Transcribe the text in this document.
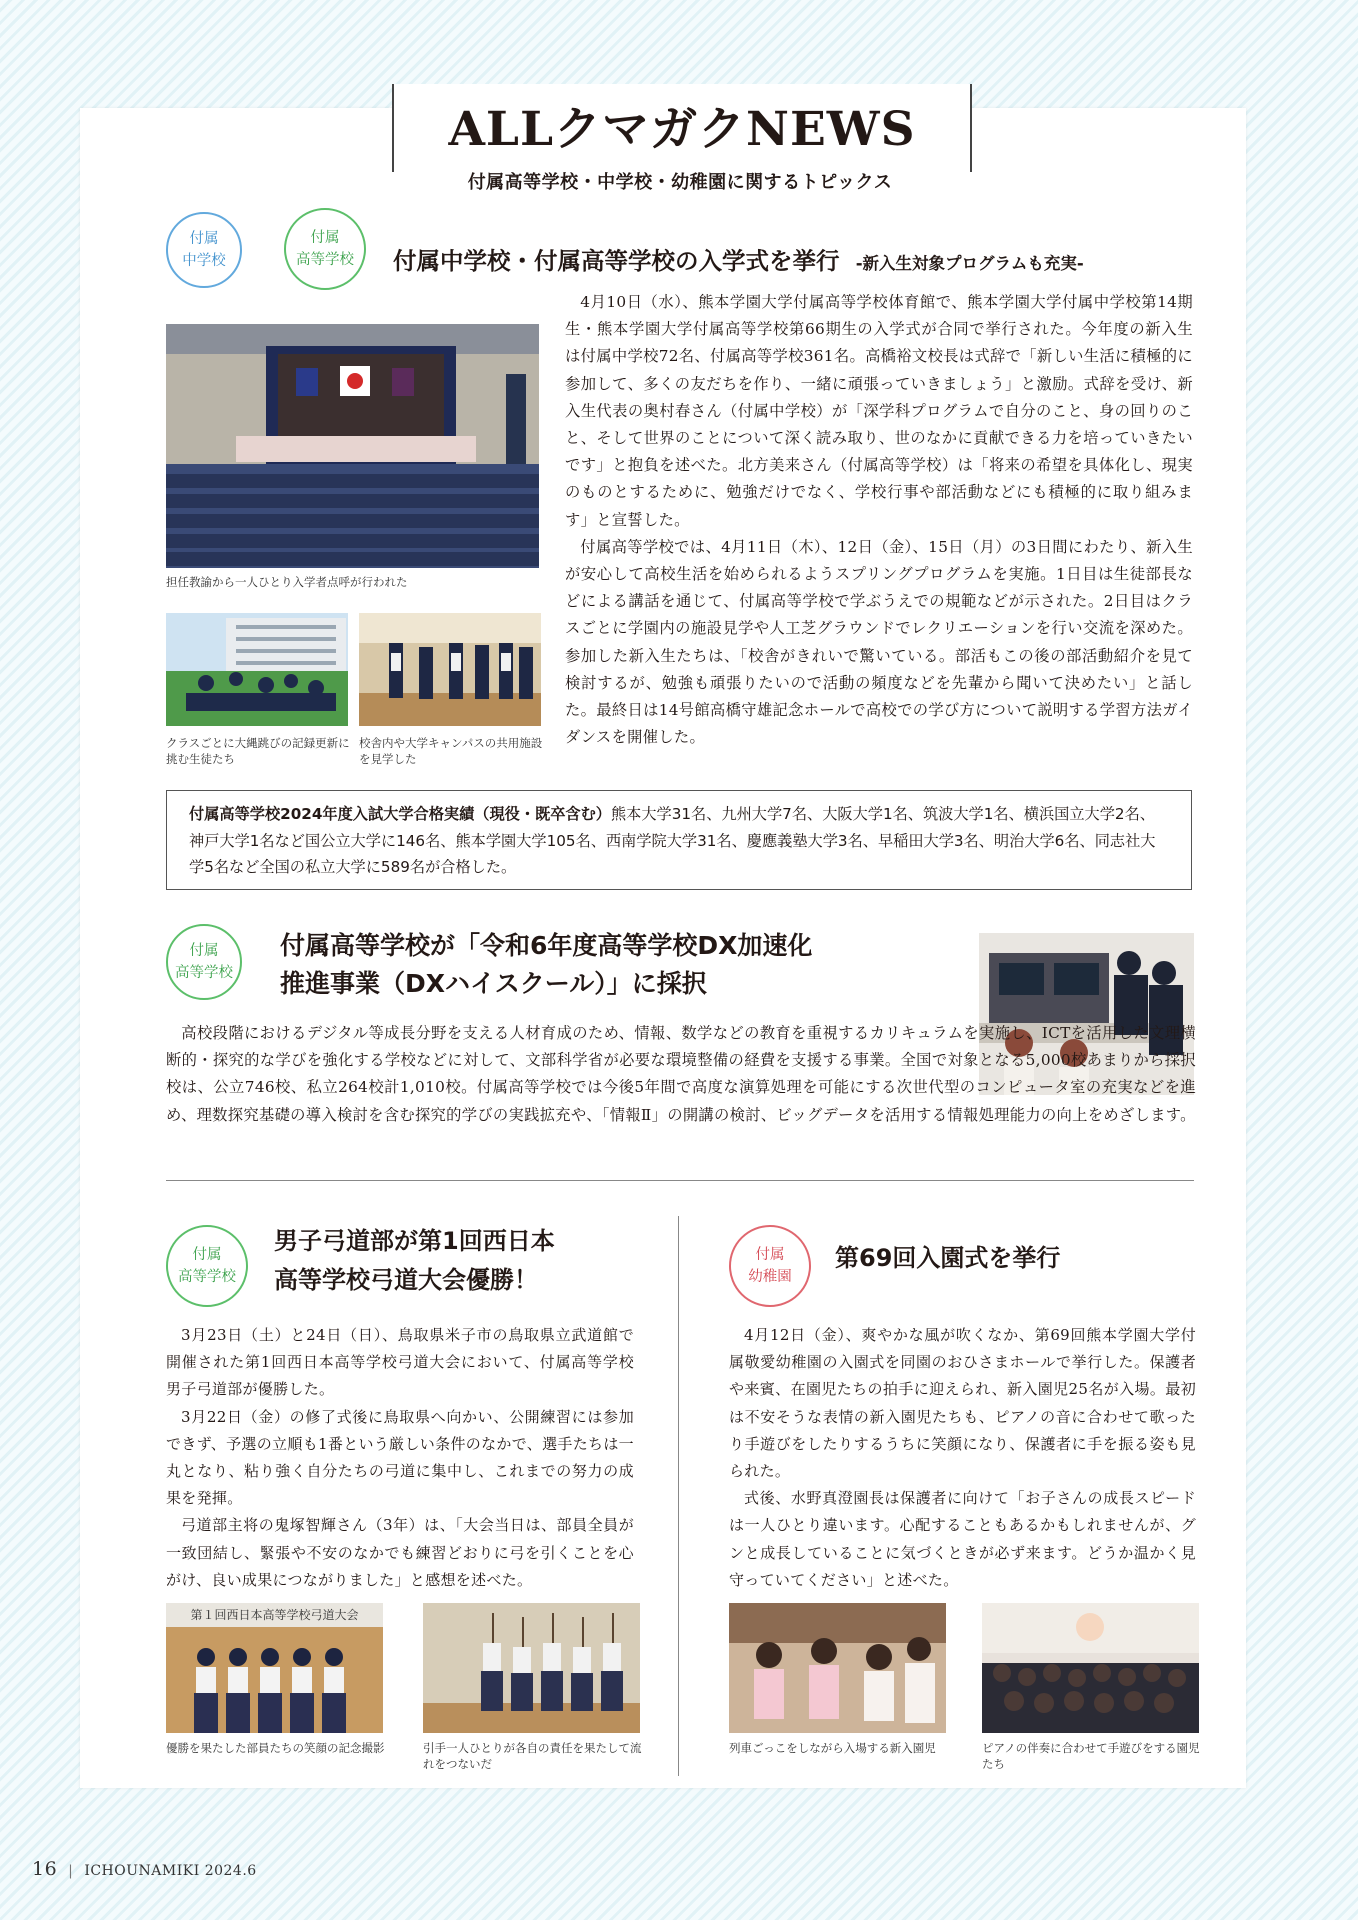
ALLクマガクNEWS
付属高等学校・中学校・幼稚園に関するトピックス
付属
中学校
付属
高等学校 付属中学校・付属高等学校の入学式を挙行 -新入生対象プログラムも充実-
担任教諭から一人ひとり入学者点呼が行われた
クラスごとに大縄跳びの記録更新に挑む生徒たち
校舎内や大学キャンパスの共用施設を見学した

4月10日（水）、熊本学園大学付属高等学校体育館で、熊本学園大学付属中学校第14期生・熊本学園大学付属高等学校第66期生の入学式が合同で挙行された。今年度の新入生は付属中学校72名、付属高等学校361名。高橋裕文校長は式辞で「新しい生活に積極的に参加して、多くの友だちを作り、一緒に頑張っていきましょう」と激励。式辞を受け、新入生代表の奥村春さん（付属中学校）が「深学科プログラムで自分のこと、身の回りのこと、そして世界のことについて深く読み取り、世のなかに貢献できる力を培っていきたいです」と抱負を述べた。北方美来さん（付属高等学校）は「将来の希望を具体化し、現実のものとするために、勉強だけでなく、学校行事や部活動などにも積極的に取り組みます」と宣誓した。

付属高等学校では、4月11日（木）、12日（金）、15日（月）の3日間にわたり、新入生が安心して高校生活を始められるようスプリングプログラムを実施。1日目は生徒部長などによる講話を通じて、付属高等学校で学ぶうえでの規範などが示された。2日目はクラスごとに学園内の施設見学や人工芝グラウンドでレクリエーションを行い交流を深めた。参加した新入生たちは、「校舎がきれいで驚いている。部活もこの後の部活動紹介を見て検討するが、勉強も頑張りたいので活動の頻度などを先輩から聞いて決めたい」と話した。最終日は14号館高橋守雄記念ホールで高校での学び方について説明する学習方法ガイダンスを開催した。

付属高等学校2024年度入試大学合格実績（現役・既卒含む）熊本大学31名、九州大学7名、大阪大学1名、筑波大学1名、横浜国立大学2名、神戸大学1名など国公立大学に146名、熊本学園大学105名、西南学院大学31名、慶應義塾大学3名、早稲田大学3名、明治大学6名、同志社大学5名など全国の私立大学に589名が合格した。
付属
高等学校
付属高等学校が「令和6年度高等学校DX加速化
推進事業（DXハイスクール）」に採択

高校段階におけるデジタル等成長分野を支える人材育成のため、情報、数学などの教育を重視するカリキュラムを実施し、ICTを活用した文理横断的・探究的な学びを強化する学校などに対して、文部科学省が必要な環境整備の経費を支援する事業。全国で対象となる5,000校あまりから採択校は、公立746校、私立264校計1,010校。付属高等学校では今後5年間で高度な演算処理を可能にする次世代型のコンピュータ室の充実などを進め、理数探究基礎の導入検討を含む探究的学びの実践拡充や、「情報Ⅱ」の開講の検討、ビッグデータを活用する情報処理能力の向上をめざします。

付属
高等学校
男子弓道部が第1回西日本
高等学校弓道大会優勝！

3月23日（土）と24日（日）、鳥取県米子市の鳥取県立武道館で開催された第1回西日本高等学校弓道大会において、付属高等学校男子弓道部が優勝した。

3月22日（金）の修了式後に鳥取県へ向かい、公開練習には参加できず、予選の立順も1番という厳しい条件のなかで、選手たちは一丸となり、粘り強く自分たちの弓道に集中し、これまでの努力の成果を発揮。

弓道部主将の鬼塚智輝さん（3年）は、「大会当日は、部員全員が一致団結し、緊張や不安のなかでも練習どおりに弓を引くことを心がけ、良い成果につながりました」と感想を述べた。

第１回西日本高等学校弓道大会
優勝を果たした部員たちの笑顔の記念撮影	引手一人ひとりが各自の責任を果たして流れをつないだ
付属
幼稚園
第69回入園式を挙行

4月12日（金）、爽やかな風が吹くなか、第69回熊本学園大学付属敬愛幼稚園の入園式を同園のおひさまホールで挙行した。保護者や来賓、在園児たちの拍手に迎えられ、新入園児25名が入場。最初は不安そうな表情の新入園児たちも、ピアノの音に合わせて歌ったり手遊びをしたりするうちに笑顔になり、保護者に手を振る姿も見られた。

式後、水野真澄園長は保護者に向けて「お子さんの成長スピードは一人ひとり違います。心配することもあるかもしれませんが、グンと成長していることに気づくときが必ず来ます。どうか温かく見守っていてください」と述べた。

列車ごっこをしながら入場する新入園児	ピアノの伴奏に合わせて手遊びをする園児たち
16 | ICHOUNAMIKI 2024.6
